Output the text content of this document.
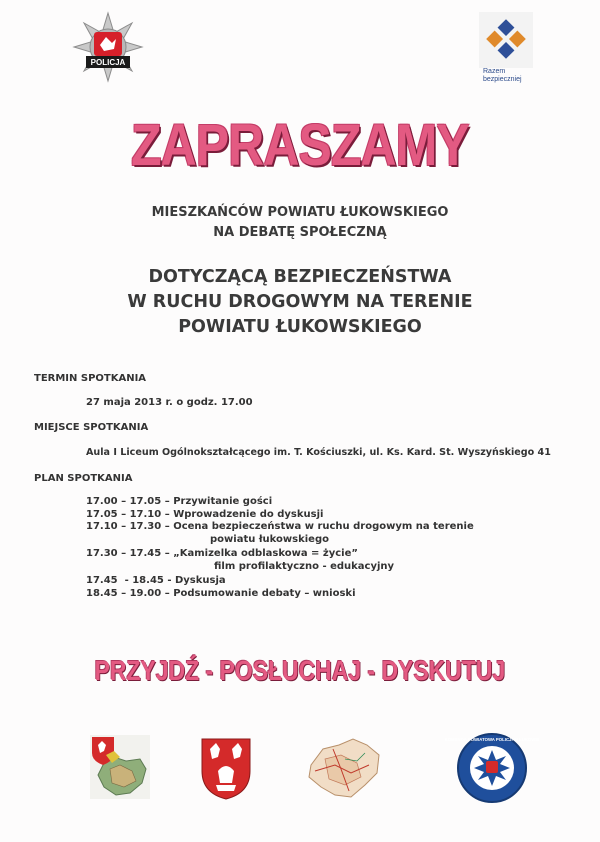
POLICJA
Razem
bezpieczniej
ZAPRASZAMY
MIESZKAŃCÓW POWIATU ŁUKOWSKIEGO
NA DEBATĘ SPOŁECZNĄ
DOTYCZĄCĄ BEZPIECZEŃSTWA
W RUCHU DROGOWYM NA TERENIE
POWIATU ŁUKOWSKIEGO
TERMIN SPOTKANIA
27 maja 2013 r. o godz. 17.00
MIEJSCE SPOTKANIA
Aula I Liceum Ogólnokształcącego im. T. Kościuszki, ul. Ks. Kard. St. Wyszyńskiego 41
PLAN SPOTKANIA
17.00 – 17.05 – Przywitanie gości
17.05 – 17.10 – Wprowadzenie do dyskusji
17.10 – 17.30 – Ocena bezpieczeństwa w ruchu drogowym na terenie
powiatu łukowskiego
17.30 – 17.45 – „Kamizelka odblaskowa = życie”
film profilaktyczno - edukacyjny
17.45  - 18.45 - Dyskusja
18.45 – 19.00 – Podsumowanie debaty – wnioski
PRZYJDŹ - POSŁUCHAJ - DYSKUTUJ
KOMENDA POWIATOWA POLICJI W ŁUKOWIE
